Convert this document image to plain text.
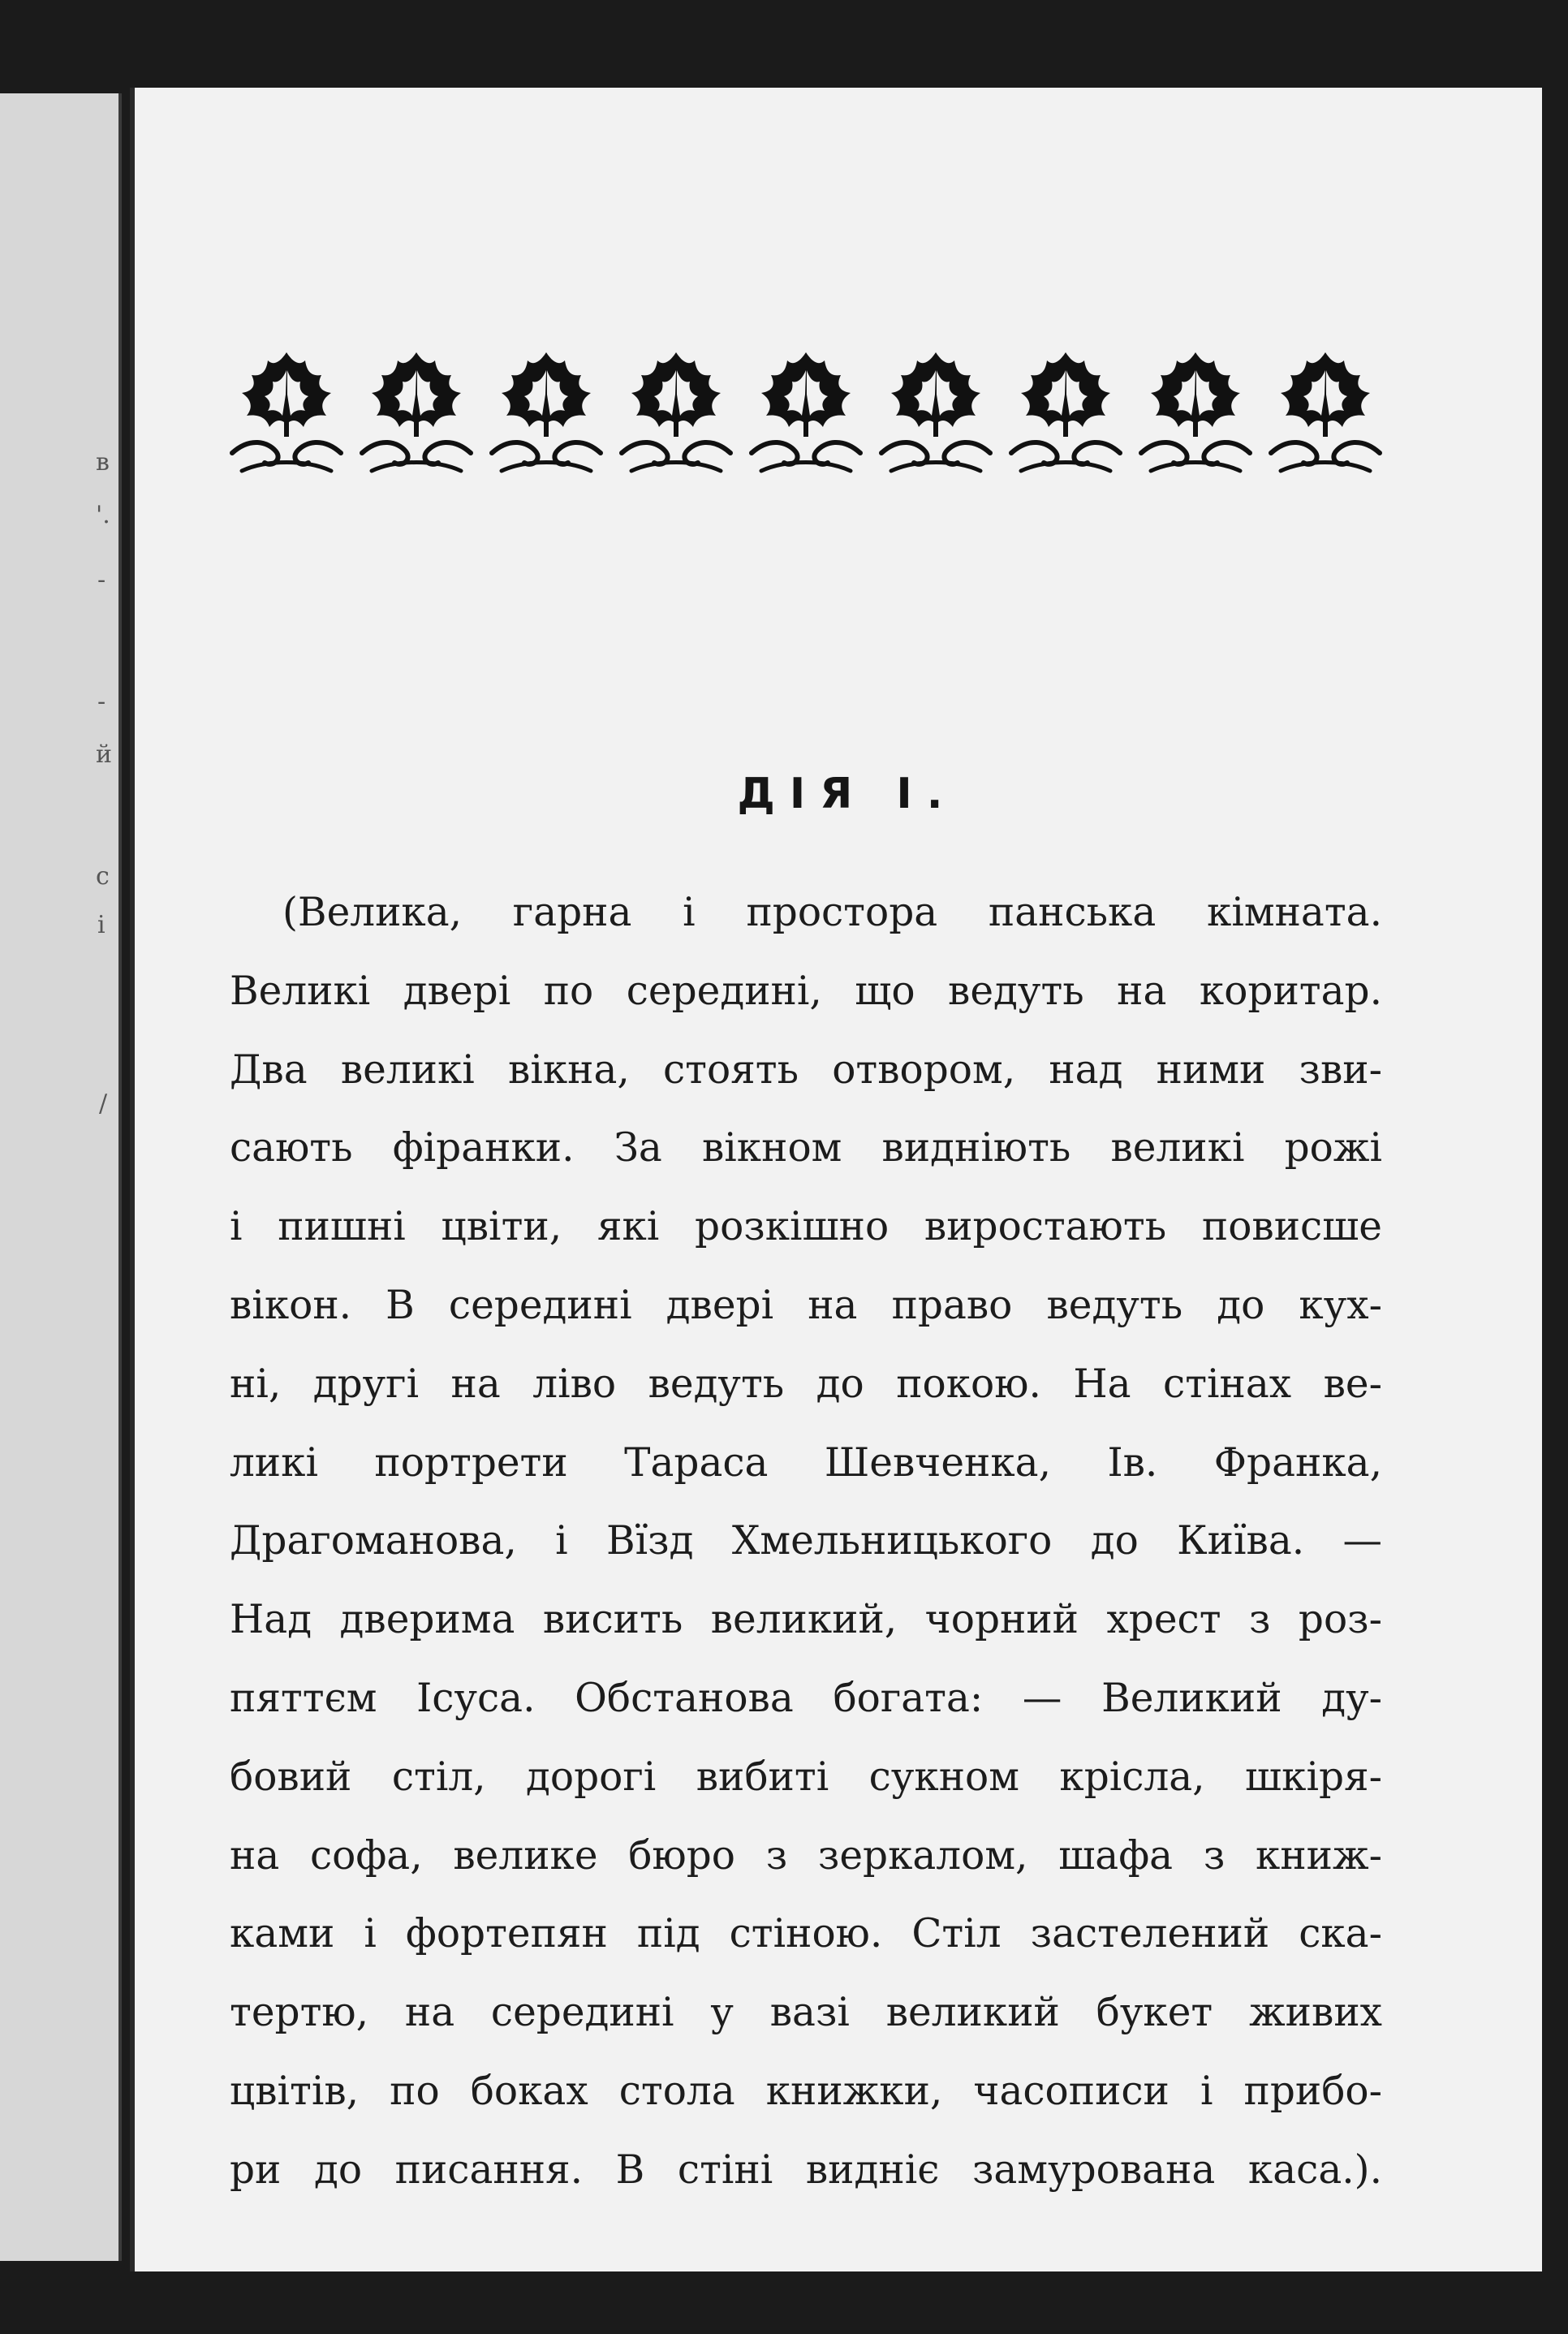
в
'.
-
-
й
с
і
/
ДІЯ І.
(Велика, гарна і простора панська кімната.
Великі двері по середині, що ведуть на коритар.
Два великі вікна, стоять отвором, над ними зви-
сають фіранки. За вікном видніють великі рожі
і пишні цвіти, які розкішно виростають повисше
вікон. В середині двері на право ведуть до кух-
ні, другі на ліво ведуть до покою. На стінах ве-
ликі портрети Тараса Шевченка, Ів. Франка,
Драгоманова, і Вїзд Хмельницького до Київа. —
Над дверима висить великий, чорний хрест з роз-
пяттєм Ісуса. Обстанова богата: — Великий ду-
бовий стіл, дорогі вибиті сукном крісла, шкіря-
на софа, велике бюро з зеркалом, шафа з книж-
ками і фортепян під стіною. Стіл застелений ска-
тертю, на середині у вазі великий букет живих
цвітів, по боках стола книжки, часописи і прибо-
ри до писання. В стіні видніє замурована каса.).
